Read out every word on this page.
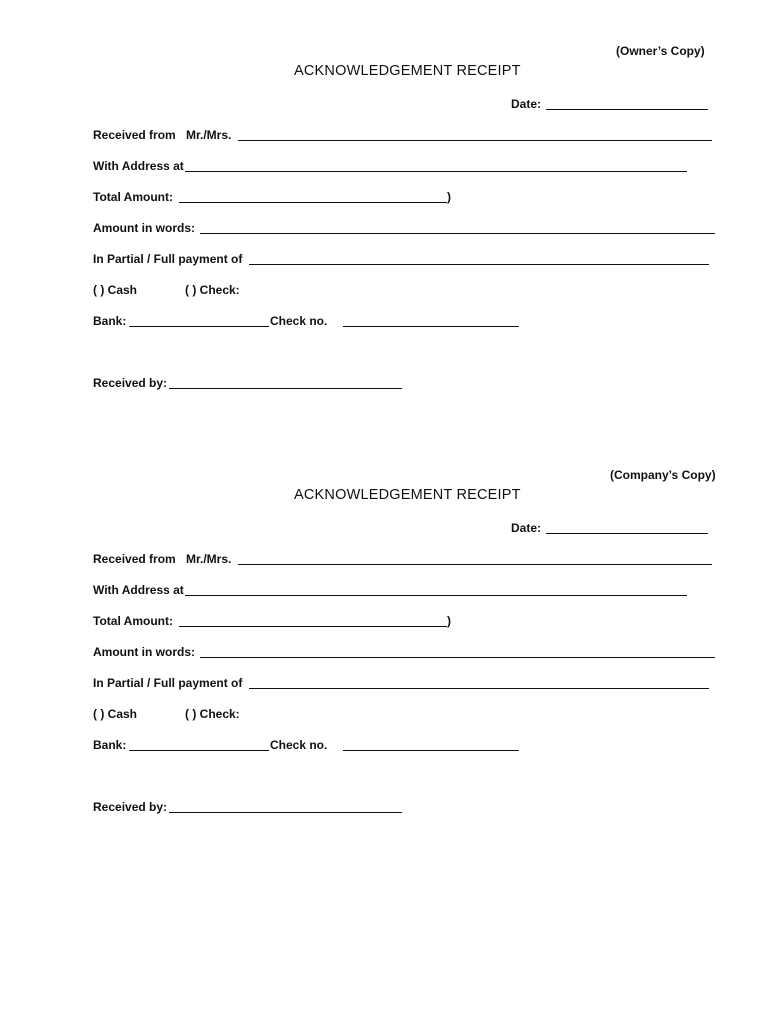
(Owner’s Copy)
ACKNOWLEDGEMENT RECEIPT
Date:
Received from Mr./Mrs.
With Address at
Total Amount:	)
Amount in words:
In Partial / Full payment of
( ) Cash	( ) Check:
Bank:	Check no.
Received by:
(Company’s Copy)
ACKNOWLEDGEMENT RECEIPT
Date:
Received from Mr./Mrs.
With Address at
Total Amount:	)
Amount in words:
In Partial / Full payment of
( ) Cash	( ) Check:
Bank:	Check no.
Received by:
